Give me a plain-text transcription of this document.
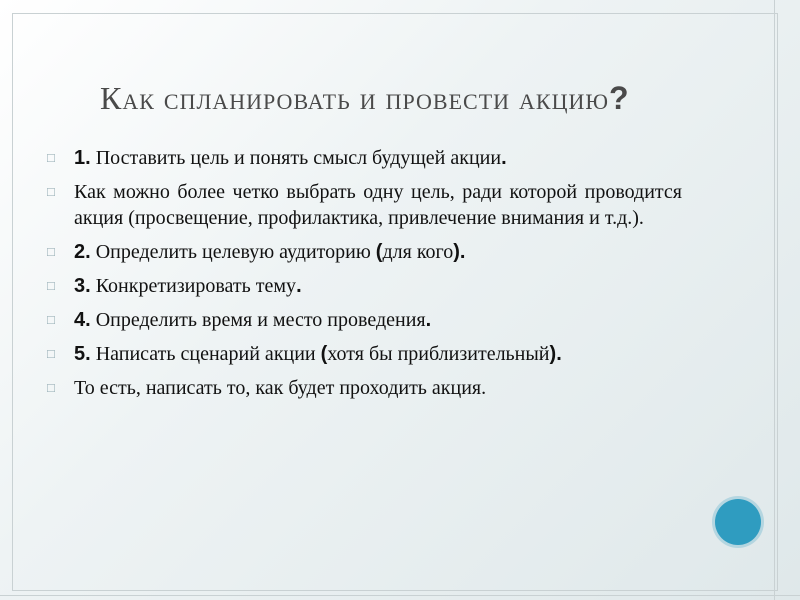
Как спланировать и провести акцию?
□ 1. Поставить цель и понять смысл будущей акции.
□ Как можно более четко выбрать одну цель, ради которой проводится акция (просвещение, профилактика, привлечение внимания и т.д.).
□ 2. Определить целевую аудиторию (для кого).
□ 3. Конкретизировать тему.
□ 4. Определить время и место проведения.
□ 5. Написать сценарий акции (хотя бы приблизительный).
□ То есть, написать то, как будет проходить акция.
